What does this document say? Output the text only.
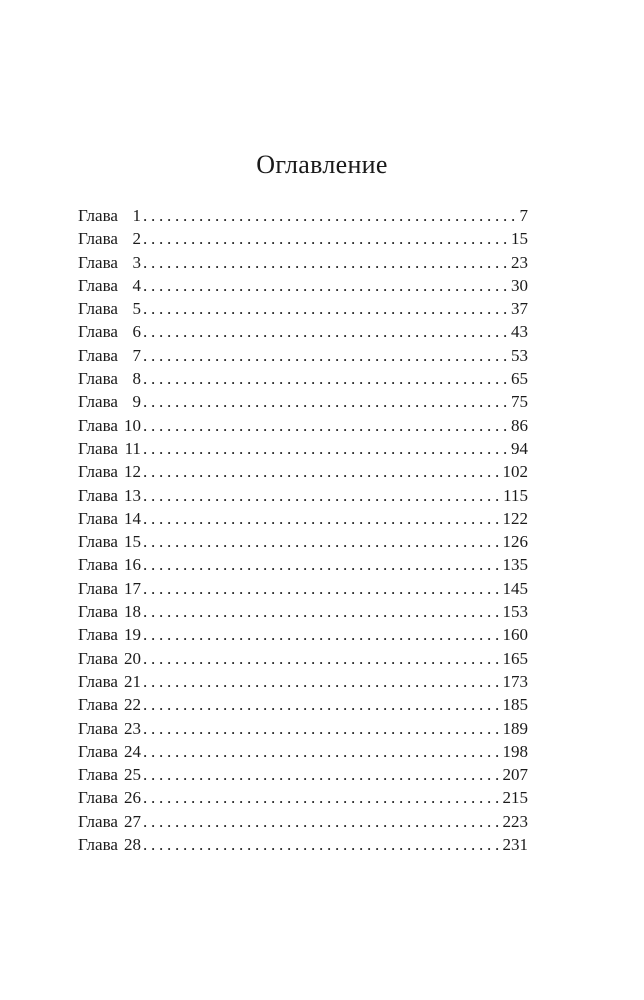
Оглавление
Глава 1 . . .	7
Глава 2 . . .	15
Глава 3 . . .	23
Глава 4 . . .	30
Глава 5 . . .	37
Глава 6 . . .	43
Глава 7 . . .	53
Глава 8 . . .	65
Глава 9 . . .	75
Глава 10 . . .	86
Глава 11 . . .	94
Глава 12 . . .	102
Глава 13 . . .	115
Глава 14 . . .	122
Глава 15 . . .	126
Глава 16 . . .	135
Глава 17 . . .	145
Глава 18 . . .	153
Глава 19 . . .	160
Глава 20 . . .	165
Глава 21 . . .	173
Глава 22 . . .	185
Глава 23 . . .	189
Глава 24 . . .	198
Глава 25 . . .	207
Глава 26 . . .	215
Глава 27 . . .	223
Глава 28 . . .	231
